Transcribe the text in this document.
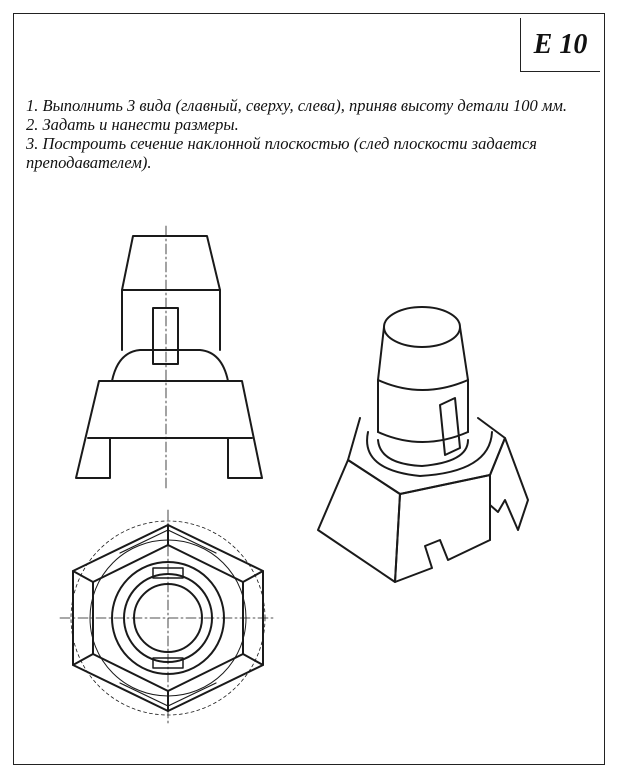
E 10

1. Выполнить 3 вида (главный, сверху, слева), приняв высоту детали 100 мм.

2. Задать и нанести размеры.

3. Построить сечение наклонной плоскостью (след плоскости задается преподавателем).
